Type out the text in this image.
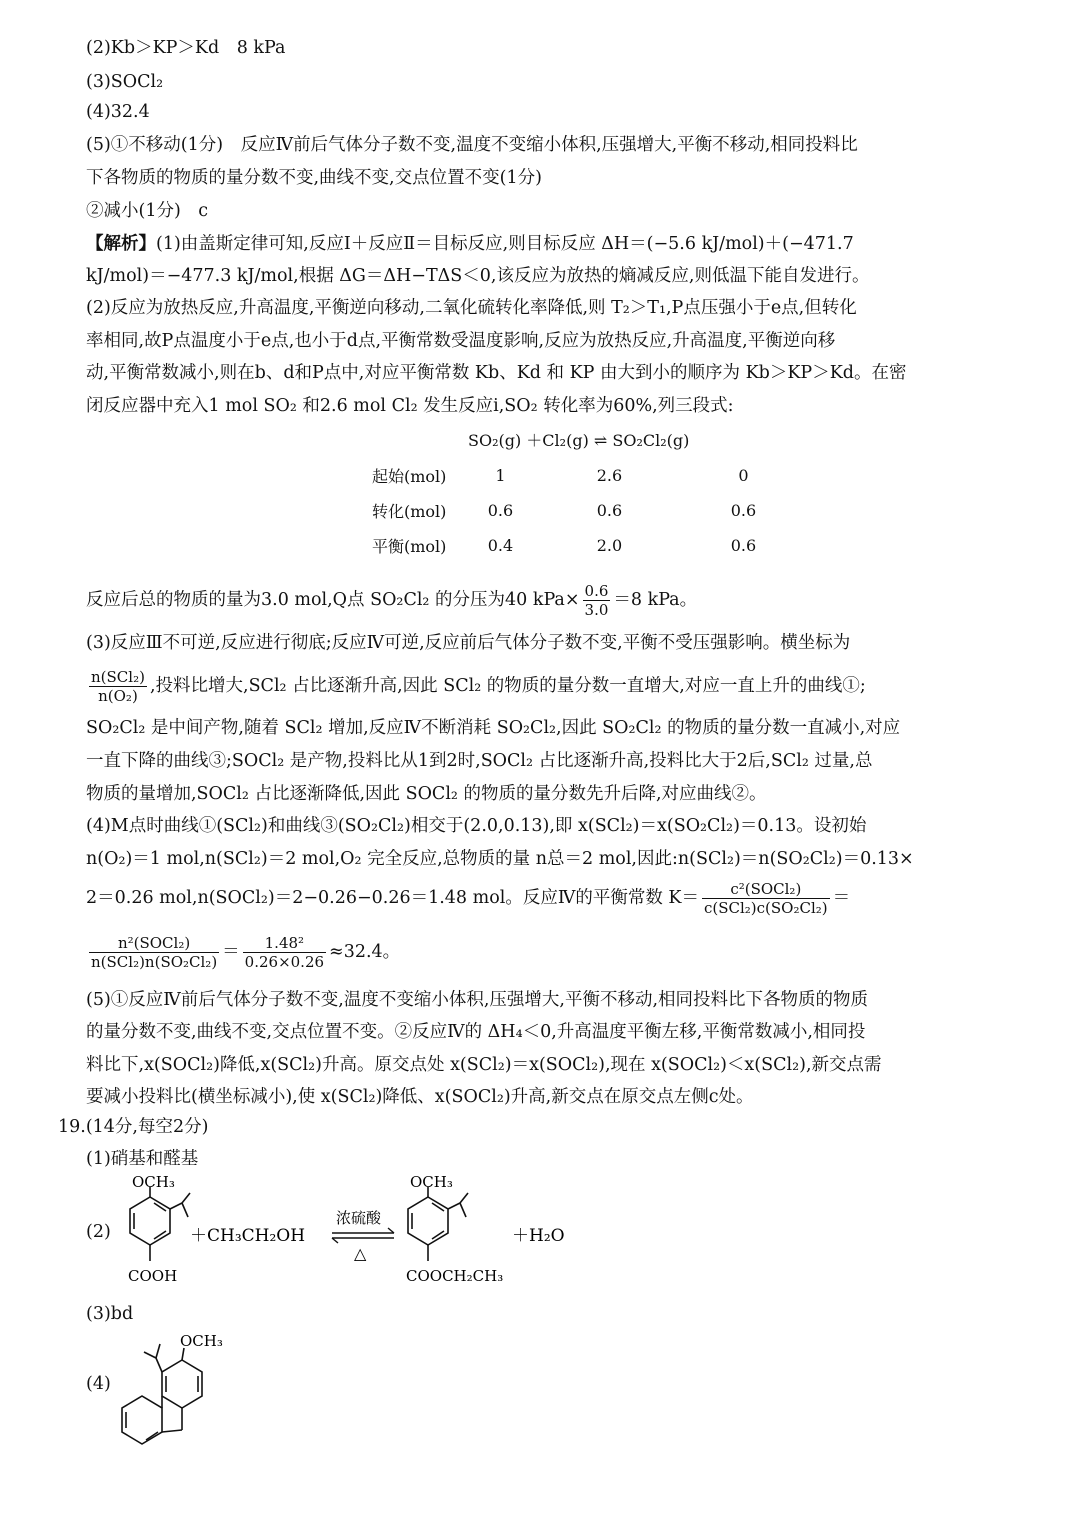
(2)Kb＞KP＞Kd　8 kPa
(3)SOCl₂
(4)32.4
(5)①不移动(1分)　反应Ⅳ前后气体分子数不变,温度不变缩小体积,压强增大,平衡不移动,相同投料比
下各物质的物质的量分数不变,曲线不变,交点位置不变(1分)
②减小(1分)　c
【解析】(1)由盖斯定律可知,反应Ⅰ＋反应Ⅱ＝目标反应,则目标反应 ΔH＝(−5.6 kJ/mol)＋(−471.7
kJ/mol)＝−477.3 kJ/mol,根据 ΔG＝ΔH−TΔS＜0,该反应为放热的熵减反应,则低温下能自发进行。
(2)反应为放热反应,升高温度,平衡逆向移动,二氧化硫转化率降低,则 T₂＞T₁,P点压强小于e点,但转化
率相同,故P点温度小于e点,也小于d点,平衡常数受温度影响,反应为放热反应,升高温度,平衡逆向移
动,平衡常数减小,则在b、d和P点中,对应平衡常数 Kb、Kd 和 KP 由大到小的顺序为 Kb＞KP＞Kd。在密
闭反应器中充入1 mol SO₂ 和2.6 mol Cl₂ 发生反应ⅰ,SO₂ 转化率为60%,列三段式:
SO₂(g) ＋Cl₂(g) ⇌ SO₂Cl₂(g)
起始(mol)	1	2.6	0
转化(mol)	0.6	0.6	0.6
平衡(mol)	0.4	2.0	0.6
反应后总的物质的量为3.0 mol,Q点 SO₂Cl₂ 的分压为40 $kPa\times \frac{0.6}{3.0} =8$ kPa。
(3)反应Ⅲ不可逆,反应进行彻底;反应Ⅳ可逆,反应前后气体分子数不变,平衡不受压强影响。横坐标为
$\frac{\text{n(SCl₂)}}{\text{n(O₂)}}$ ,投料比增大,SCl₂ 占比逐渐升高,因此 SCl₂ 的物质的量分数一直增大,对应一直上升的曲线①;
SO₂Cl₂ 是中间产物,随着 SCl₂ 增加,反应Ⅳ不断消耗 SO₂Cl₂,因此 SO₂Cl₂ 的物质的量分数一直减小,对应
一直下降的曲线③;SOCl₂ 是产物,投料比从1到2时,SOCl₂ 占比逐渐升高,投料比大于2后,SCl₂ 过量,总
物质的量增加,SOCl₂ 占比逐渐降低,因此 SOCl₂ 的物质的量分数先升后降,对应曲线②。
(4)M点时曲线①(SCl₂)和曲线③(SO₂Cl₂)相交于(2.0,0.13),即 x(SCl₂)＝x(SO₂Cl₂)＝0.13。设初始
n(O₂)＝1 mol,n(SCl₂)＝2 mol,O₂ 完全反应,总物质的量 n总＝2 mol,因此:n(SCl₂)＝n(SO₂Cl₂)＝0.13×
2＝0.26 mol,n(SOCl₂)＝2−0.26−0.26＝1.48 mol。反应Ⅳ的平衡常数 $K= \frac{\text{c²(SOCl₂)}}{\text{c(SCl₂)c(SO₂Cl₂)}}$ ＝
$\frac{\text{n²(SOCl₂)}}{\text{n(SCl₂)n(SO₂Cl₂)}} = \frac{\text{1.48²}}{0.26\times 0.26} \approx 32.4$。
(5)①反应Ⅳ前后气体分子数不变,温度不变缩小体积,压强增大,平衡不移动,相同投料比下各物质的物质
的量分数不变,曲线不变,交点位置不变。②反应Ⅳ的 ΔH₄＜0,升高温度平衡左移,平衡常数减小,相同投
料比下,x(SOCl₂)降低,x(SCl₂)升高。原交点处 x(SCl₂)＝x(SOCl₂),现在 x(SOCl₂)＜x(SCl₂),新交点需
要减小投料比(横坐标减小),使 x(SCl₂)降低、x(SOCl₂)升高,新交点在原交点左侧c处。
19.(14分,每空2分)
(1)硝基和醛基
(2)
OCH₃
COOH
＋CH₃CH₂OH
浓硫酸
△
OCH₃
COOCH₂CH₃
＋H₂O
(3)bd
(4)
OCH₃
